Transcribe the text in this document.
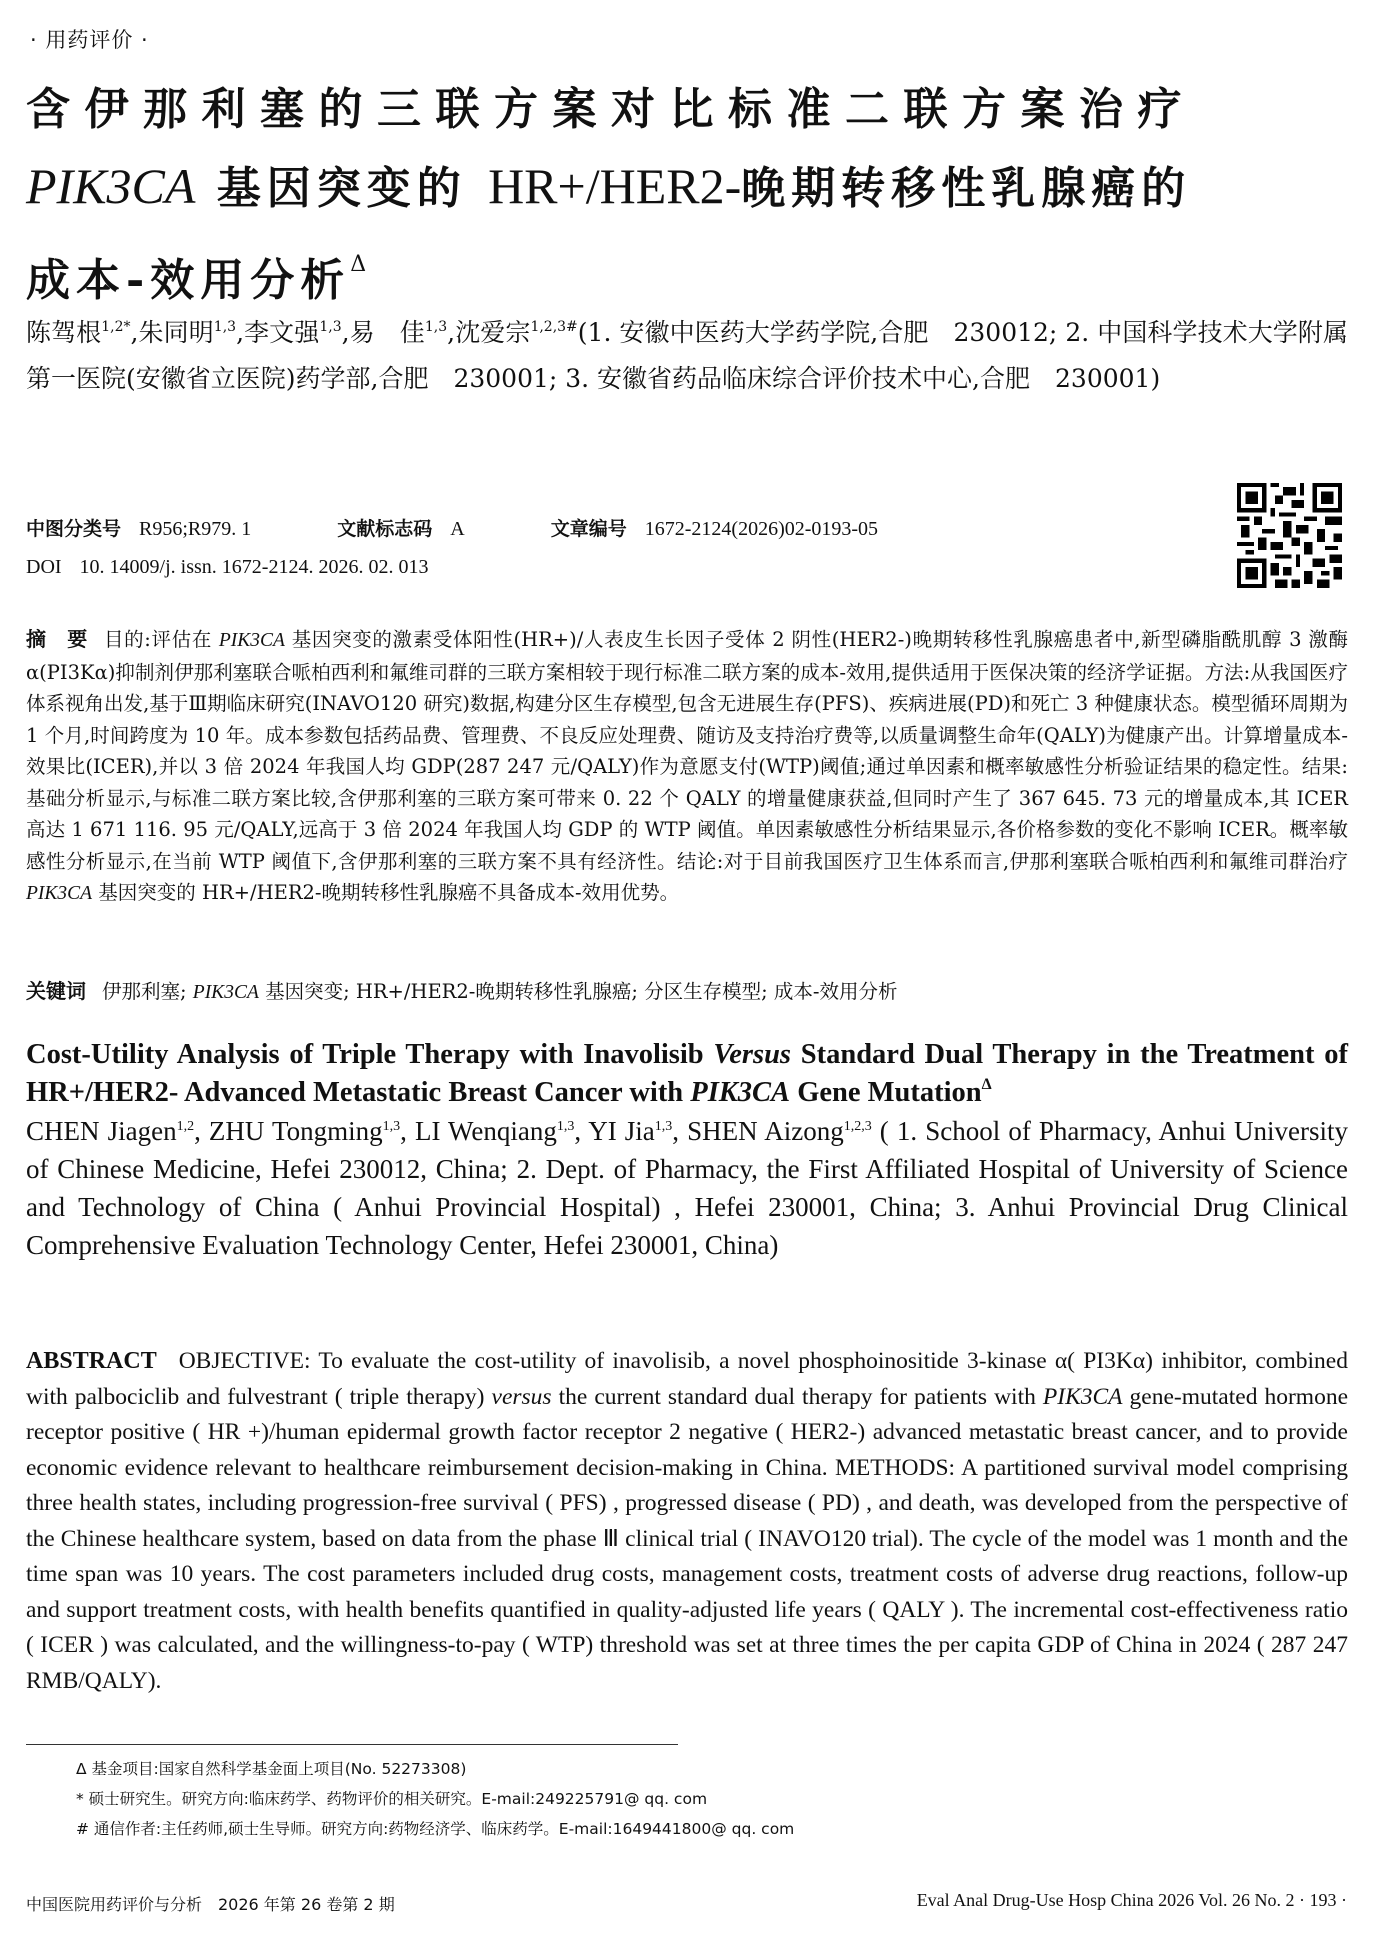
· 用药评价 ·
含伊那利塞的三联方案对比标准二联方案治疗
PIK3CA 基因突变的 HR+/HER2-晚期转移性乳腺癌的
成本-效用分析$^\Delta$
陈驾根$^{1,2*}$,朱同明$^{1,3}$,李文强$^{1,3}$,易　佳$^{1,3}$,沈爱宗$^{1,2,3\#}$(1. 安徽中医药大学药学院,合肥　230012; 2. 中国科学技术大学附属第一医院(安徽省立医院)药学部,合肥　230001; 3. 安徽省药品临床综合评价技术中心,合肥　230001)
中图分类号 R956;R979. 1	文献标志码 A	文章编号 1672-2124(2026)02-0193-05
DOI 10. 14009/j. issn. 1672-2124. 2026. 02. 013
摘　要 目的:评估在 PIK3CA 基因突变的激素受体阳性(HR+)/人表皮生长因子受体 2 阴性(HER2-)晚期转移性乳腺癌患者中,新型磷脂酰肌醇 3 激酶 α(PI3Kα)抑制剂伊那利塞联合哌柏西利和氟维司群的三联方案相较于现行标准二联方案的成本-效用,提供适用于医保决策的经济学证据。方法:从我国医疗体系视角出发,基于Ⅲ期临床研究(INAVO120 研究)数据,构建分区生存模型,包含无进展生存(PFS)、疾病进展(PD)和死亡 3 种健康状态。模型循环周期为 1 个月,时间跨度为 10 年。成本参数包括药品费、管理费、不良反应处理费、随访及支持治疗费等,以质量调整生命年(QALY)为健康产出。计算增量成本-效果比(ICER),并以 3 倍 2024 年我国人均 GDP(287 247 元/QALY)作为意愿支付(WTP)阈值;通过单因素和概率敏感性分析验证结果的稳定性。结果:基础分析显示,与标准二联方案比较,含伊那利塞的三联方案可带来 0. 22 个 QALY 的增量健康获益,但同时产生了 367 645. 73 元的增量成本,其 ICER 高达 1 671 116. 95 元/QALY,远高于 3 倍 2024 年我国人均 GDP 的 WTP 阈值。单因素敏感性分析结果显示,各价格参数的变化不影响 ICER。概率敏感性分析显示,在当前 WTP 阈值下,含伊那利塞的三联方案不具有经济性。结论:对于目前我国医疗卫生体系而言,伊那利塞联合哌柏西利和氟维司群治疗 PIK3CA 基因突变的 HR+/HER2-晚期转移性乳腺癌不具备成本-效用优势。
关键词 伊那利塞; PIK3CA 基因突变; HR+/HER2-晚期转移性乳腺癌; 分区生存模型; 成本-效用分析
Cost-Utility Analysis of Triple Therapy with Inavolisib Versus Standard Dual Therapy in the Treatment of HR+/HER2- Advanced Metastatic Breast Cancer with PIK3CA Gene Mutation$^\Delta$
CHEN Jiagen$^{1,2}$, ZHU Tongming$^{1,3}$, LI Wenqiang$^{1,3}$, YI Jia$^{1,3}$, SHEN Aizong$^{1,2,3}$ ( 1. School of Pharmacy, Anhui University of Chinese Medicine, Hefei 230012, China; 2. Dept. of Pharmacy, the First Affiliated Hospital of University of Science and Technology of China ( Anhui Provincial Hospital) , Hefei 230001, China; 3. Anhui Provincial Drug Clinical Comprehensive Evaluation Technology Center, Hefei 230001, China)
ABSTRACT OBJECTIVE: To evaluate the cost-utility of inavolisib, a novel phosphoinositide 3-kinase α( PI3Kα) inhibitor, combined with palbociclib and fulvestrant ( triple therapy) versus the current standard dual therapy for patients with PIK3CA gene-mutated hormone receptor positive ( HR +)/human epidermal growth factor receptor 2 negative ( HER2-) advanced metastatic breast cancer, and to provide economic evidence relevant to healthcare reimbursement decision-making in China. METHODS: A partitioned survival model comprising three health states, including progression-free survival ( PFS) , progressed disease ( PD) , and death, was developed from the perspective of the Chinese healthcare system, based on data from the phase Ⅲ clinical trial ( INAVO120 trial). The cycle of the model was 1 month and the time span was 10 years. The cost parameters included drug costs, management costs, treatment costs of adverse drug reactions, follow-up and support treatment costs, with health benefits quantified in quality-adjusted life years ( QALY ). The incremental cost-effectiveness ratio ( ICER ) was calculated, and the willingness-to-pay ( WTP) threshold was set at three times the per capita GDP of China in 2024 ( 287 247 RMB/QALY).
Δ 基金项目:国家自然科学基金面上项目(No. 52273308)
* 硕士研究生。研究方向:临床药学、药物评价的相关研究。E-mail:249225791@ qq. com
# 通信作者:主任药师,硕士生导师。研究方向:药物经济学、临床药学。E-mail:1649441800@ qq. com
中国医院用药评价与分析　2026 年第 26 卷第 2 期	Eval Anal Drug-Use Hosp China 2026 Vol. 26 No. 2 · 193 ·
